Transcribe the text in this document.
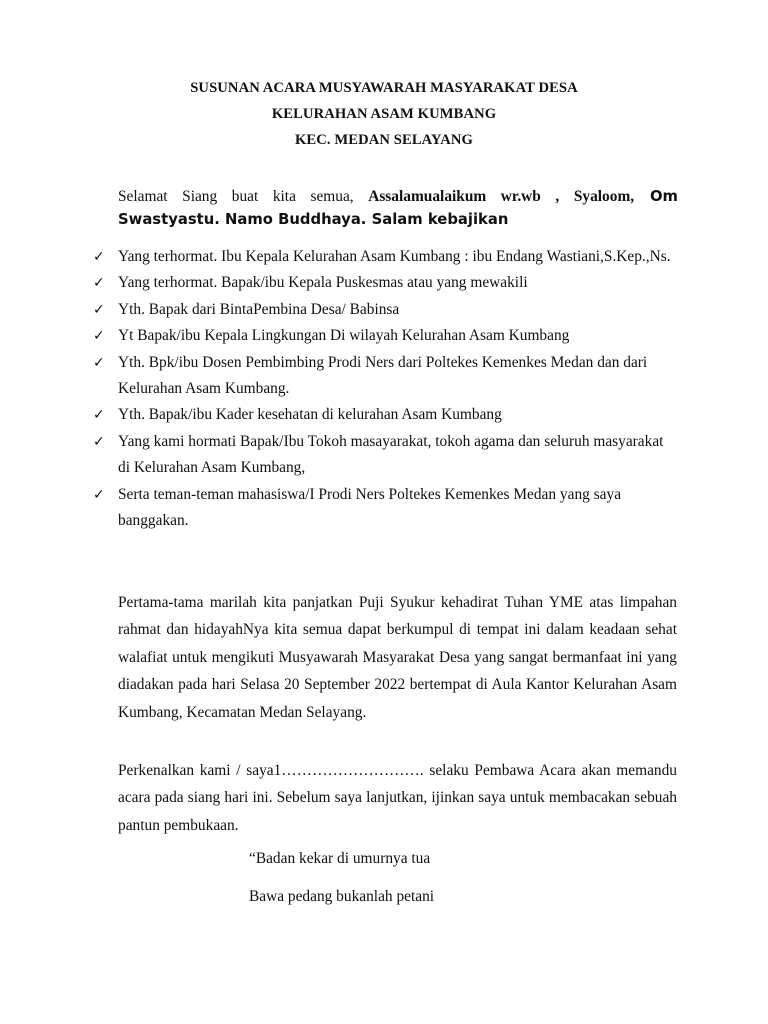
SUSUNAN ACARA MUSYAWARAH MASYARAKAT DESA
KELURAHAN ASAM KUMBANG
KEC. MEDAN SELAYANG
Selamat Siang buat kita semua, Assalamualaikum wr.wb , Syaloom, Om
Swastyastu. Namo Buddhaya. Salam kebajikan
✓ Yang terhormat. Ibu Kepala Kelurahan Asam Kumbang : ibu Endang Wastiani,S.Kep.,Ns.
✓ Yang terhormat. Bapak/ibu Kepala Puskesmas atau yang mewakili
✓ Yth. Bapak dari BintaPembina Desa/ Babinsa
✓ Yt Bapak/ibu Kepala Lingkungan Di wilayah Kelurahan Asam Kumbang
✓ Yth. Bpk/ibu Dosen Pembimbing Prodi Ners dari Poltekes Kemenkes Medan dan dari Kelurahan Asam Kumbang.
✓ Yth. Bapak/ibu Kader kesehatan di kelurahan Asam Kumbang
✓ Yang kami hormati Bapak/Ibu Tokoh masayarakat, tokoh agama dan seluruh masyarakat di Kelurahan Asam Kumbang,
✓ Serta teman-teman mahasiswa/I Prodi Ners Poltekes Kemenkes Medan yang saya banggakan.
Pertama-tama marilah kita panjatkan Puji Syukur kehadirat Tuhan YME atas limpahan rahmat dan hidayahNya kita semua dapat berkumpul di tempat ini dalam keadaan sehat walafiat untuk mengikuti Musyawarah Masyarakat Desa yang sangat bermanfaat ini yang diadakan pada hari Selasa 20 September 2022 bertempat di Aula Kantor Kelurahan Asam Kumbang, Kecamatan Medan Selayang.
Perkenalkan kami / saya1………………………. selaku Pembawa Acara akan memandu acara pada siang hari ini. Sebelum saya lanjutkan, ijinkan saya untuk membacakan sebuah pantun pembukaan.
“Badan kekar di umurnya tua
Bawa pedang bukanlah petani
